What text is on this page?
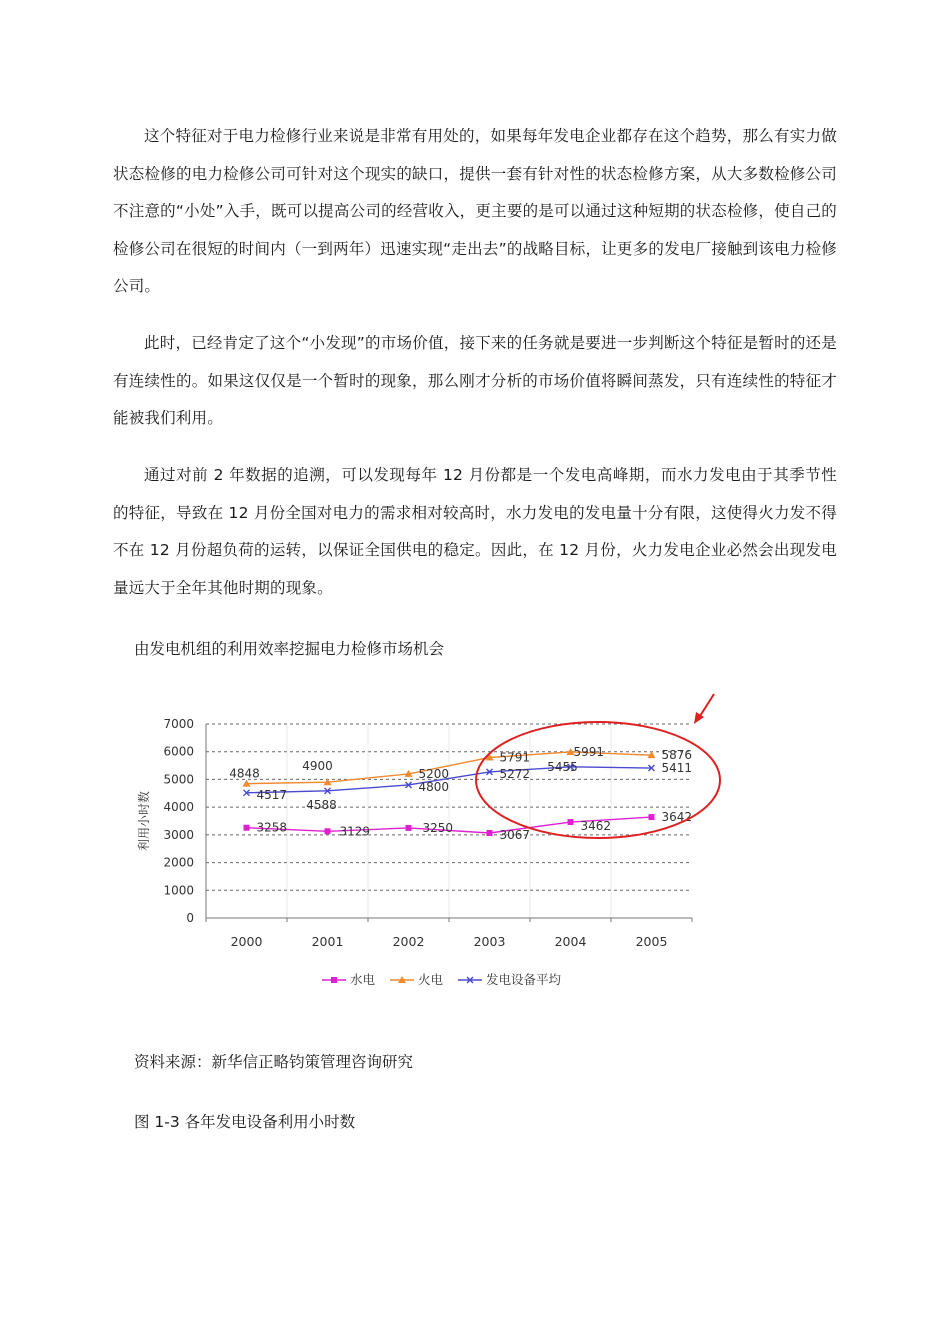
这个特征对于电力检修行业来说是非常有用处的，如果每年发电企业都存在这个趋势，那么有实力做状态检修的电力检修公司可针对这个现实的缺口，提供一套有针对性的状态检修方案，从大多数检修公司不注意的“小处”入手，既可以提高公司的经营收入，更主要的是可以通过这种短期的状态检修，使自己的检修公司在很短的时间内（一到两年）迅速实现“走出去”的战略目标，让更多的发电厂接触到该电力检修公司。

此时，已经肯定了这个“小发现”的市场价值，接下来的任务就是要进一步判断这个特征是暂时的还是有连续性的。如果这仅仅是一个暂时的现象，那么刚才分析的市场价值将瞬间蒸发，只有连续性的特征才能被我们利用。

通过对前 2 年数据的追溯，可以发现每年 12 月份都是一个发电高峰期，而水力发电由于其季节性的特征，导致在 12 月份全国对电力的需求相对较高时，水力发电的发电量十分有限，这使得火力发不得不在 12 月份超负荷的运转，以保证全国供电的稳定。因此，在 12 月份，火力发电企业必然会出现发电量远大于全年其他时期的现象。

由发电机组的利用效率挖掘电力检修市场机会

0
1000
2000
3000
4000
5000
6000
7000
2000	2001	2002	2003	2004	2005
利用小时数	3258	3129	3250
3067
3462
3642
4848
4900
5200
5791	5991	5876
4517
4588
4800
5272
5455	5411
水电	火电	发电设备平均

资料来源：新华信正略钧策管理咨询研究

图 1-3 各年发电设备利用小时数
